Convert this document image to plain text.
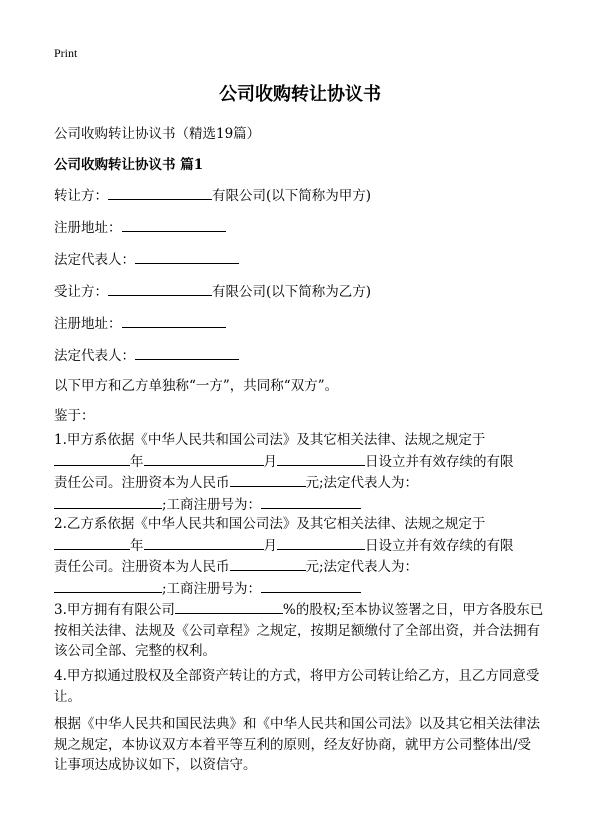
Print
公司收购转让协议书
公司收购转让协议书（精选19篇）
公司收购转让协议书 篇1
转让方：	有限公司(以下简称为甲方)
注册地址：
法定代表人：
受让方：	有限公司(以下简称为乙方)
注册地址：
法定代表人：
以下甲方和乙方单独称“一方”，共同称“双方”。
鉴于：
1.甲方系依据《中华人民共和国公司法》及其它相关法律、法规之规定于
年	月	日设立并有效存续的有限
责任公司。注册资本为人民币	元;法定代表人为：
;工商注册号为：
2.乙方系依据《中华人民共和国公司法》及其它相关法律、法规之规定于
年	月	日设立并有效存续的有限
责任公司。注册资本为人民币	元;法定代表人为：
;工商注册号为：
3.甲方拥有有限公司	%的股权;至本协议签署之日，甲方各股东已
按相关法律、法规及《公司章程》之规定，按期足额缴付了全部出资，并合法拥有
该公司全部、完整的权利。
4.甲方拟通过股权及全部资产转让的方式，将甲方公司转让给乙方，且乙方同意受
让。
根据《中华人民共和国民法典》和《中华人民共和国公司法》以及其它相关法律法
规之规定，本协议双方本着平等互利的原则，经友好协商，就甲方公司整体出/受
让事项达成协议如下，以资信守。
